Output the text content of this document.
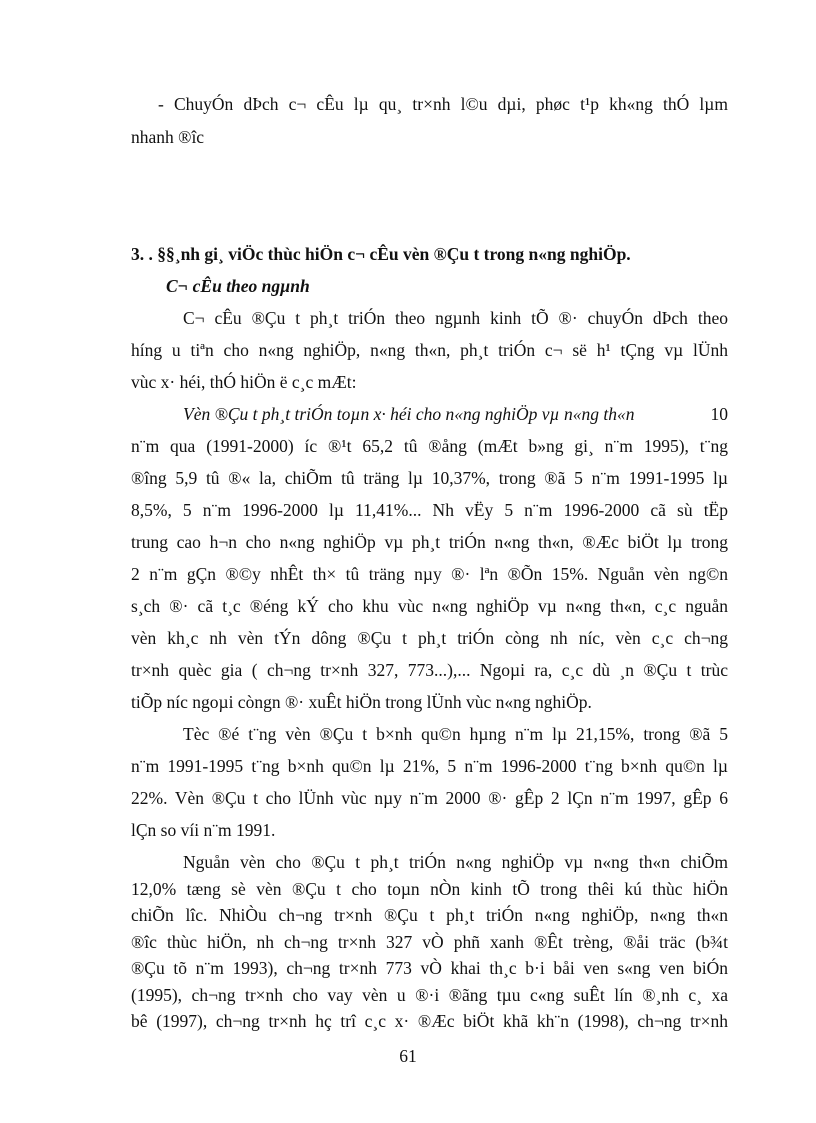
- ChuyÓn dÞch c¬ cÊu lµ qu¸ tr×nh l©u dµi, phøc t¹p kh«ng thÓ lµm
nhanh ®îc
3. . §§¸nh gi¸ viÖc thùc hiÖn c¬ cÊu vèn ®Çu t trong n«ng nghiÖp.
C¬ cÊu theo ngµnh
C¬ cÊu ®Çu t ph¸t triÓn theo ngµnh kinh tÕ ®· chuyÓn dÞch theo
híng u tiªn cho n«ng nghiÖp, n«ng th«n, ph¸t triÓn c¬ së h¹ tÇng vµ lÜnh
vùc x· héi, thÓ hiÖn ë c¸c mÆt:
Vèn ®Çu t ph¸t triÓn toµn x· héi cho n«ng nghiÖp vµ n«ng th«n	10
n¨m qua (1991-2000) íc ®¹t 65,2 tû ®ång (mÆt b»ng gi¸ n¨m 1995), t¨ng
®îng 5,9 tû ®« la, chiÕm tû träng lµ 10,37%, trong ®ã 5 n¨m 1991-1995 lµ
8,5%, 5 n¨m 1996-2000 lµ 11,41%... Nh vËy 5 n¨m 1996-2000 cã sù tËp
trung cao h¬n cho n«ng nghiÖp vµ ph¸t triÓn n«ng th«n, ®Æc biÖt lµ trong
2 n¨m gÇn ®©y nhÊt th× tû träng nµy ®· lªn ®Õn 15%. Nguån vèn ng©n
s¸ch ®· cã t¸c ®éng kÝ cho khu vùc n«ng nghiÖp vµ n«ng th«n, c¸c nguån
vèn kh¸c nh vèn tÝn dông ®Çu t ph¸t triÓn còng nh níc, vèn c¸c ch¬ng
tr×nh quèc gia ( ch¬ng tr×nh 327, 773...),... Ngoµi ra, c¸c dù ¸n ®Çu t trùc
tiÕp níc ngoµi còngn ®· xuÊt hiÖn trong lÜnh vùc n«ng nghiÖp.
Tèc ®é t¨ng vèn ®Çu t b×nh qu©n hµng n¨m lµ 21,15%, trong ®ã 5
n¨m 1991-1995 t¨ng b×nh qu©n lµ 21%, 5 n¨m 1996-2000 t¨ng b×nh qu©n lµ
22%. Vèn ®Çu t cho lÜnh vùc nµy n¨m 2000 ®· gÊp 2 lÇn n¨m 1997, gÊp 6
lÇn so víi n¨m 1991.
Nguån vèn cho ®Çu t ph¸t triÓn n«ng nghiÖp vµ n«ng th«n chiÕm
12,0% tæng sè vèn ®Çu t cho toµn nÒn kinh tÕ trong thêi kú thùc hiÖn
chiÕn lîc. NhiÒu ch¬ng tr×nh ®Çu t ph¸t triÓn n«ng nghiÖp, n«ng th«n
®îc thùc hiÖn, nh ch¬ng tr×nh 327 vÒ phñ xanh ®Êt trèng, ®åi träc (b¾t
®Çu tõ n¨m 1993), ch¬ng tr×nh 773 vÒ khai th¸c b·i båi ven s«ng ven biÓn
(1995), ch¬ng tr×nh cho vay vèn u ®·i ®ãng tµu c«ng suÊt lín ®¸nh c¸ xa
61
bê (1997), ch¬ng tr×nh hç trî c¸c x· ®Æc biÖt khã kh¨n (1998), ch¬ng tr×nh
